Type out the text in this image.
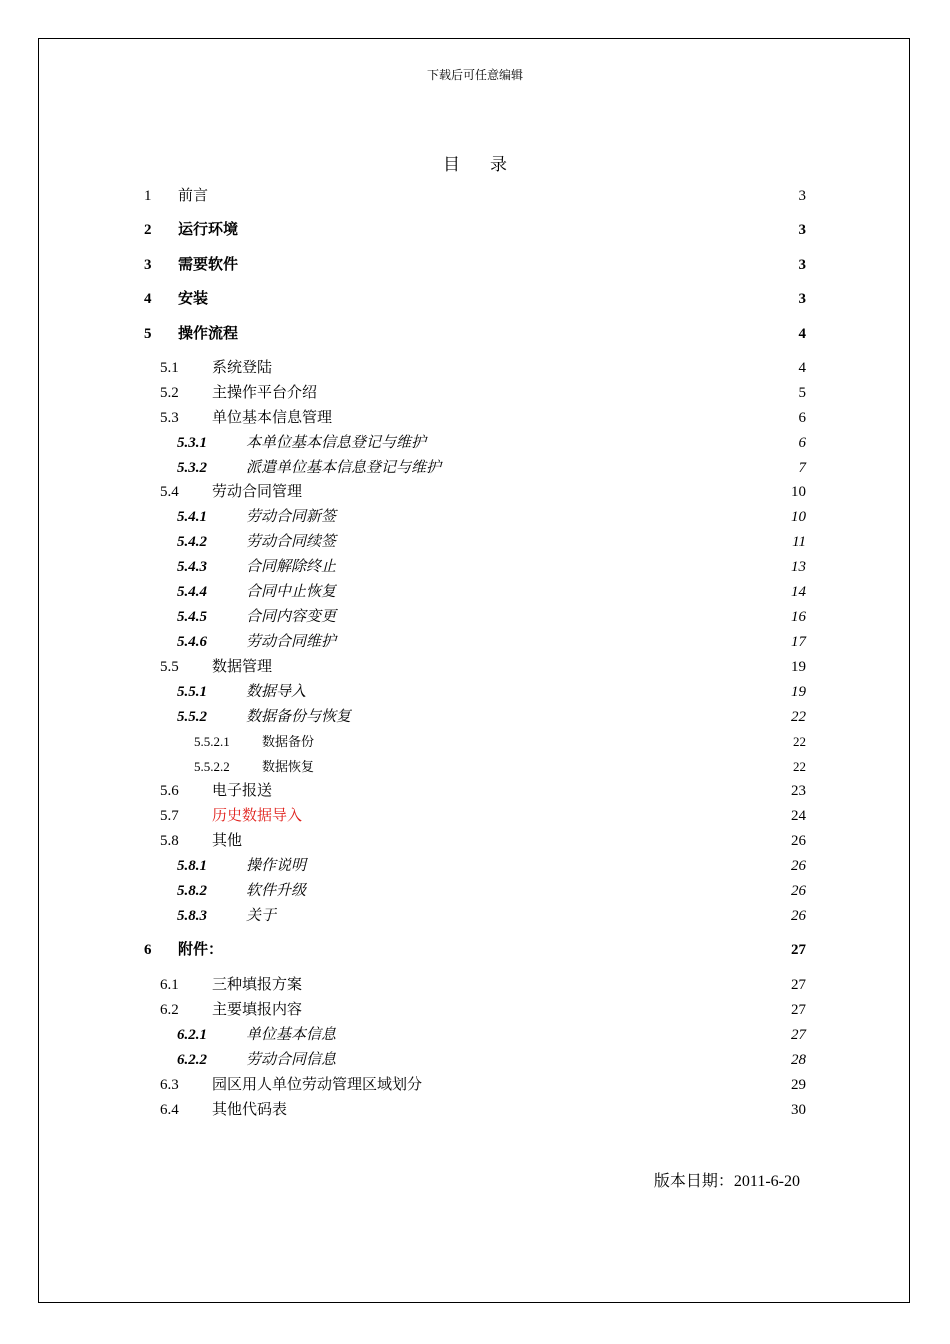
下载后可任意编辑
目 录
1	前言	3
2	运行环境	3
3	需要软件	3
4	安装	3
5	操作流程	4
5.1	系统登陆	4
5.2	主操作平台介绍	5
5.3	单位基本信息管理	6
5.3.1	本单位基本信息登记与维护	6
5.3.2	派遣单位基本信息登记与维护	7
5.4	劳动合同管理	10
5.4.1	劳动合同新签	10
5.4.2	劳动合同续签	11
5.4.3	合同解除终止	13
5.4.4	合同中止恢复	14
5.4.5	合同内容变更	16
5.4.6	劳动合同维护	17
5.5	数据管理	19
5.5.1	数据导入	19
5.5.2	数据备份与恢复	22
5.5.2.1	数据备份	22
5.5.2.2	数据恢复	22
5.6	电子报送	23
5.7	历史数据导入	24
5.8	其他	26
5.8.1	操作说明	26
5.8.2	软件升级	26
5.8.3	关于	26
6	附件：	27
6.1	三种填报方案	27
6.2	主要填报内容	27
6.2.1	单位基本信息	27
6.2.2	劳动合同信息	28
6.3	园区用人单位劳动管理区域划分	29
6.4	其他代码表	30
版本日期：2011-6-20
